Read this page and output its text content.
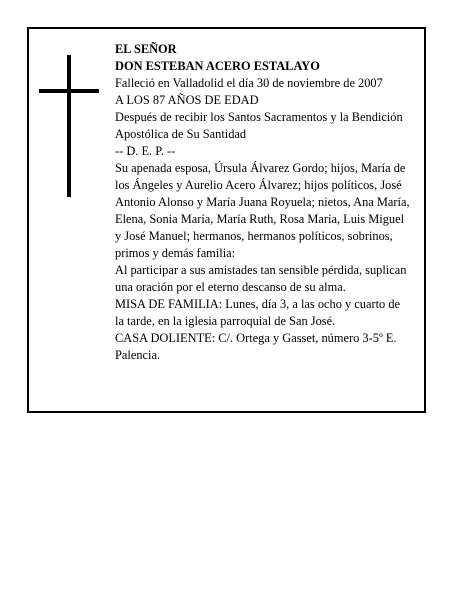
EL SEÑOR

DON ESTEBAN ACERO ESTALAYO

Falleció en Valladolid el día 30 de noviembre de 2007

A LOS 87 AÑOS DE EDAD

Después de recibir los Santos Sacramentos y la Bendición Apostólica de Su Santidad

-- D. E. P. --

Su apenada esposa, Úrsula Álvarez Gordo; hijos, María de los Ángeles y Aurelio Acero Álvarez; hijos políticos, José Antonio Alonso y María Juana Royuela; nietos, Ana María, Elena, Sonia María, María Ruth, Rosa María, Luis Miguel y José Manuel; hermanos, hermanos políticos, sobrinos, primos y demás familia:

Al participar a sus amistades tan sensible pérdida, suplican una oración por el eterno descanso de su alma.

MISA DE FAMILIA: Lunes, día 3, a las ocho y cuarto de la tarde, en la iglesia parroquial de San José.

CASA DOLIENTE: C/. Ortega y Gasset, número 3-5º E. Palencia.
